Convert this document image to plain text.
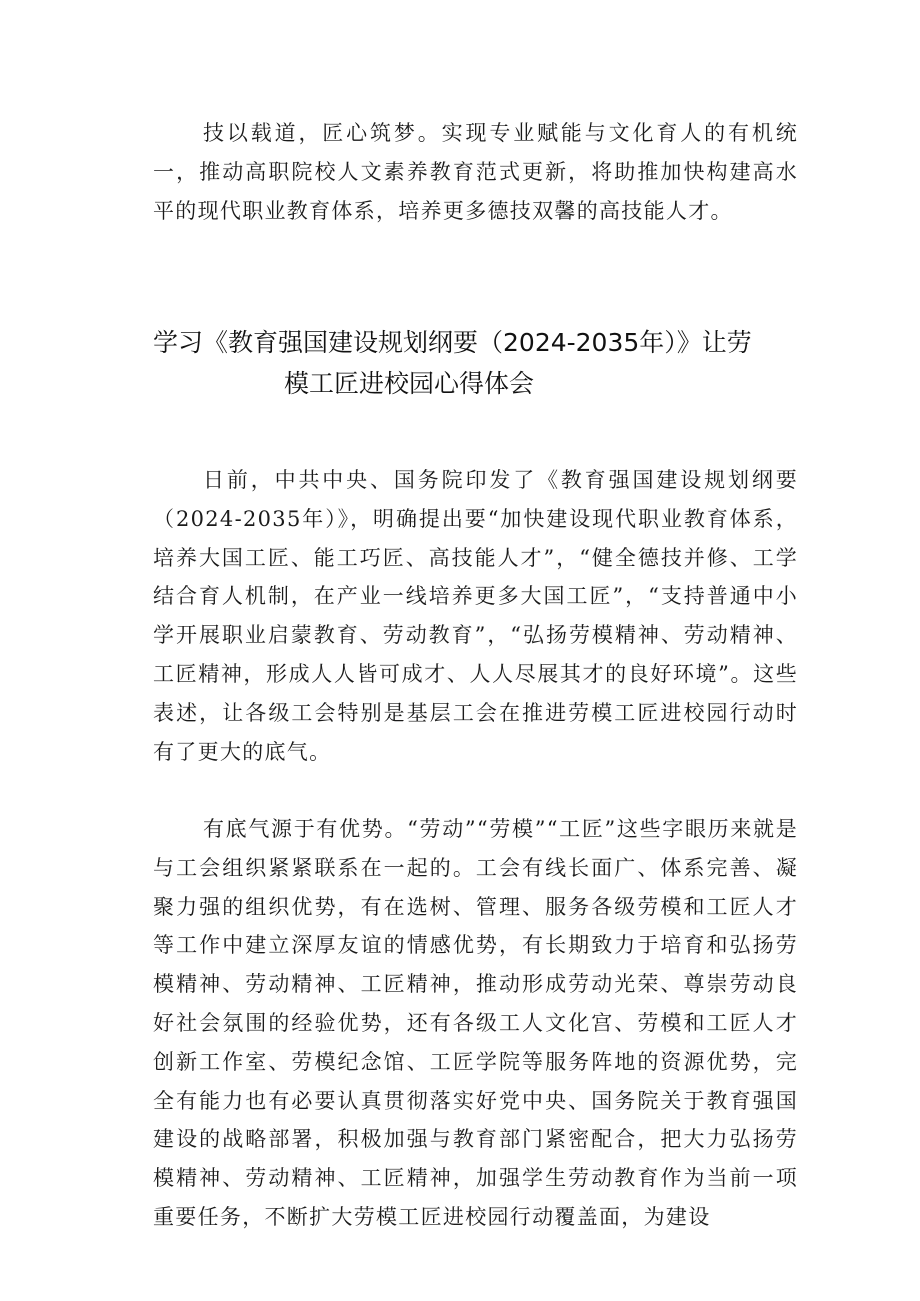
技以载道，匠心筑梦。实现专业赋能与文化育人的有机统一，推动高职院校人文素养教育范式更新，将助推加快构建高水平的现代职业教育体系，培养更多德技双馨的高技能人才。

学习《教育强国建设规划纲要（2024-2035年）》让劳
模工匠进校园心得体会

日前，中共中央、国务院印发了《教育强国建设规划纲要（2024-2035年）》，明确提出要“加快建设现代职业教育体系，培养大国工匠、能工巧匠、高技能人才”，“健全德技并修、工学结合育人机制，在产业一线培养更多大国工匠”，“支持普通中小学开展职业启蒙教育、劳动教育”，“弘扬劳模精神、劳动精神、工匠精神，形成人人皆可成才、人人尽展其才的良好环境”。这些表述，让各级工会特别是基层工会在推进劳模工匠进校园行动时有了更大的底气。

有底气源于有优势。“劳动”“劳模”“工匠”这些字眼历来就是与工会组织紧紧联系在一起的。工会有线长面广、体系完善、凝聚力强的组织优势，有在选树、管理、服务各级劳模和工匠人才等工作中建立深厚友谊的情感优势，有长期致力于培育和弘扬劳模精神、劳动精神、工匠精神，推动形成劳动光荣、尊崇劳动良好社会氛围的经验优势，还有各级工人文化宫、劳模和工匠人才创新工作室、劳模纪念馆、工匠学院等服务阵地的资源优势，完全有能力也有必要认真贯彻落实好党中央、国务院关于教育强国建设的战略部署，积极加强与教育部门紧密配合，把大力弘扬劳模精神、劳动精神、工匠精神，加强学生劳动教育作为当前一项重要任务，不断扩大劳模工匠进校园行动覆盖面，为建设
